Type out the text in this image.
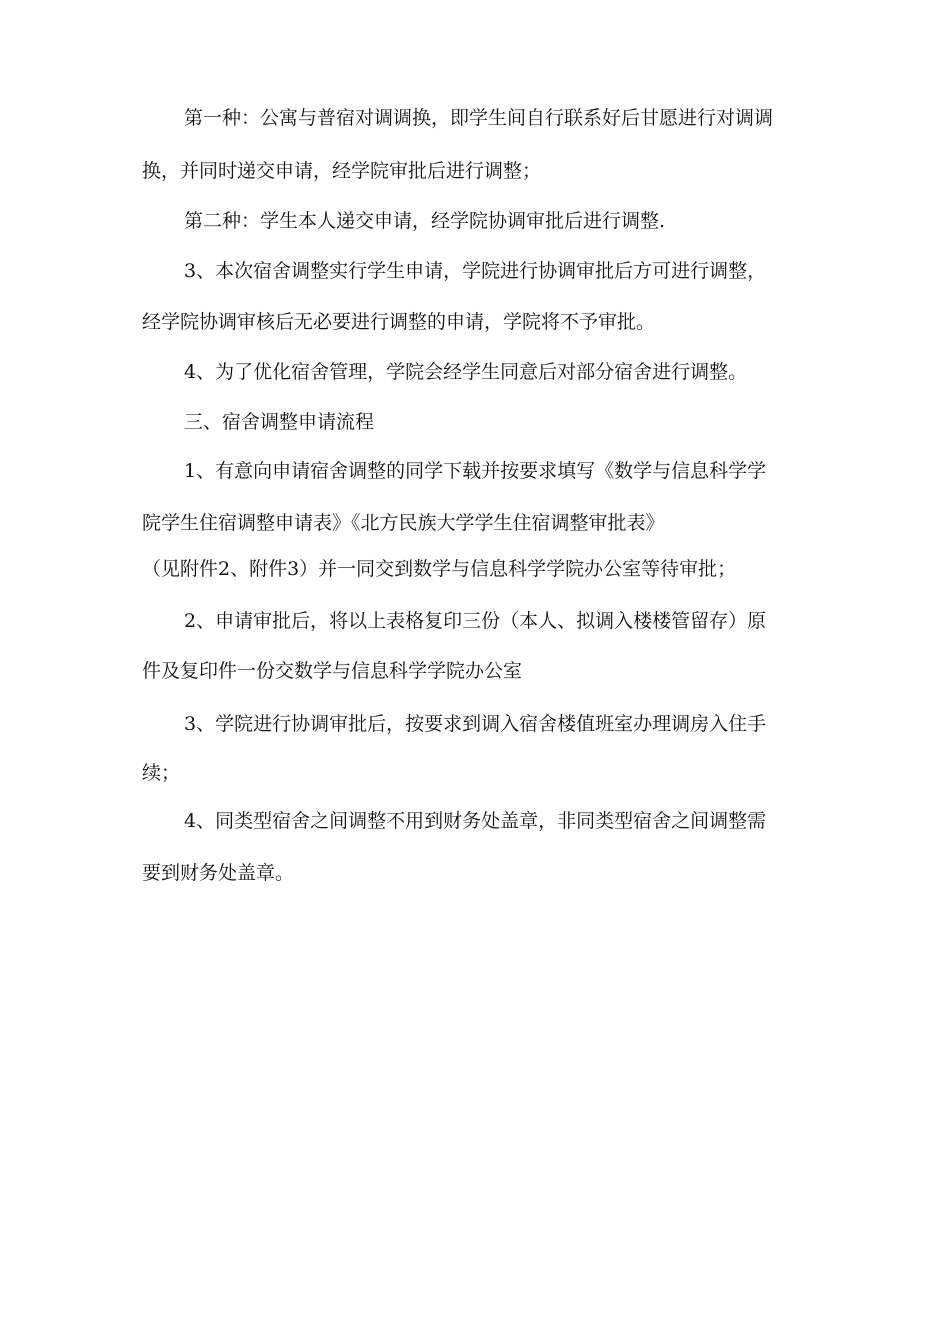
第一种：公寓与普宿对调调换，即学生间自行联系好后甘愿进行对调调
换，并同时递交申请，经学院审批后进行调整；
第二种：学生本人递交申请，经学院协调审批后进行调整.
3、本次宿舍调整实行学生申请，学院进行协调审批后方可进行调整，
经学院协调审核后无必要进行调整的申请，学院将不予审批。
4、为了优化宿舍管理，学院会经学生同意后对部分宿舍进行调整。
三、宿舍调整申请流程
1、有意向申请宿舍调整的同学下载并按要求填写《数学与信息科学学
院学生住宿调整申请表》《北方民族大学学生住宿调整审批表》
（见附件2、附件3）并一同交到数学与信息科学学院办公室等待审批；
2、申请审批后，将以上表格复印三份（本人、拟调入楼楼管留存）原
件及复印件一份交数学与信息科学学院办公室
3、学院进行协调审批后，按要求到调入宿舍楼值班室办理调房入住手
续；
4、同类型宿舍之间调整不用到财务处盖章，非同类型宿舍之间调整需
要到财务处盖章。
